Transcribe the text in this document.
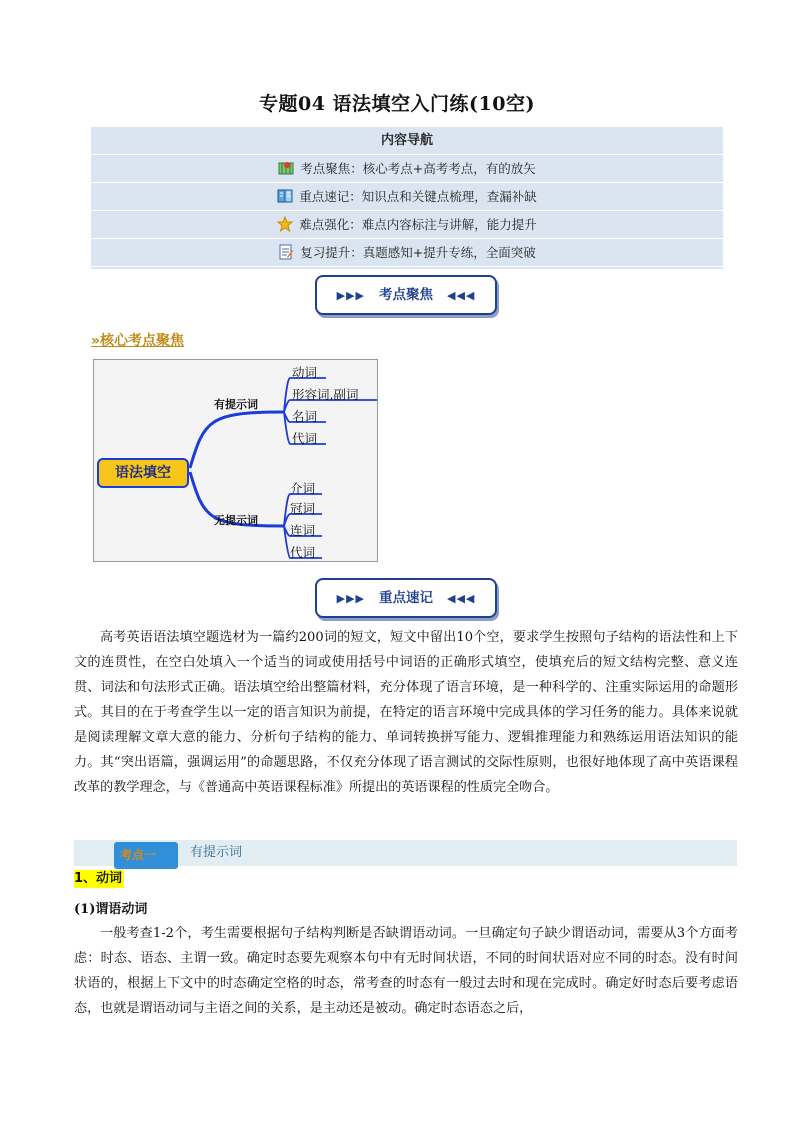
专题04 语法填空入门练(10空)
内容导航
考点聚焦：核心考点+高考考点，有的放矢
重点速记：知识点和关键点梳理，查漏补缺
难点强化：难点内容标注与讲解，能力提升
复习提升：真题感知+提升专练，全面突破
▶▶▶ 考点聚焦 ◀◀◀
»核心考点聚焦
语法填空
有提示词
无提示词
动词
形容词,副词
名词
代词
介词
冠词
连词
代词
▶▶▶ 重点速记 ◀◀◀

高考英语语法填空题选材为一篇约200词的短文，短文中留出10个空，要求学生按照句子结构的语法性和上下文的连贯性，在空白处填入一个适当的词或使用括号中词语的正确形式填空，使填充后的短文结构完整、意义连贯、词法和句法形式正确。语法填空给出整篇材料，充分体现了语言环境，是一种科学的、注重实际运用的命题形式。其目的在于考查学生以一定的语言知识为前提，在特定的语言环境中完成具体的学习任务的能力。具体来说就是阅读理解文章大意的能力、分析句子结构的能力、单词转换拼写能力、逻辑推理能力和熟练运用语法知识的能力。其“突出语篇，强调运用”的命题思路，不仅充分体现了语言测试的交际性原则，也很好地体现了高中英语课程改革的教学理念，与《普通高中英语课程标准》所提出的英语课程的性质完全吻合。

考点一	有提示词
1、动词
(1)谓语动词

一般考查1-2个，考生需要根据句子结构判断是否缺谓语动词。一旦确定句子缺少谓语动词，需要从3个方面考虑：时态、语态、主谓一致。确定时态要先观察本句中有无时间状语，不同的时间状语对应不同的时态。没有时间状语的，根据上下文中的时态确定空格的时态，常考查的时态有一般过去时和现在完成时。确定好时态后要考虑语态，也就是谓语动词与主语之间的关系，是主动还是被动。确定时态语态之后，
